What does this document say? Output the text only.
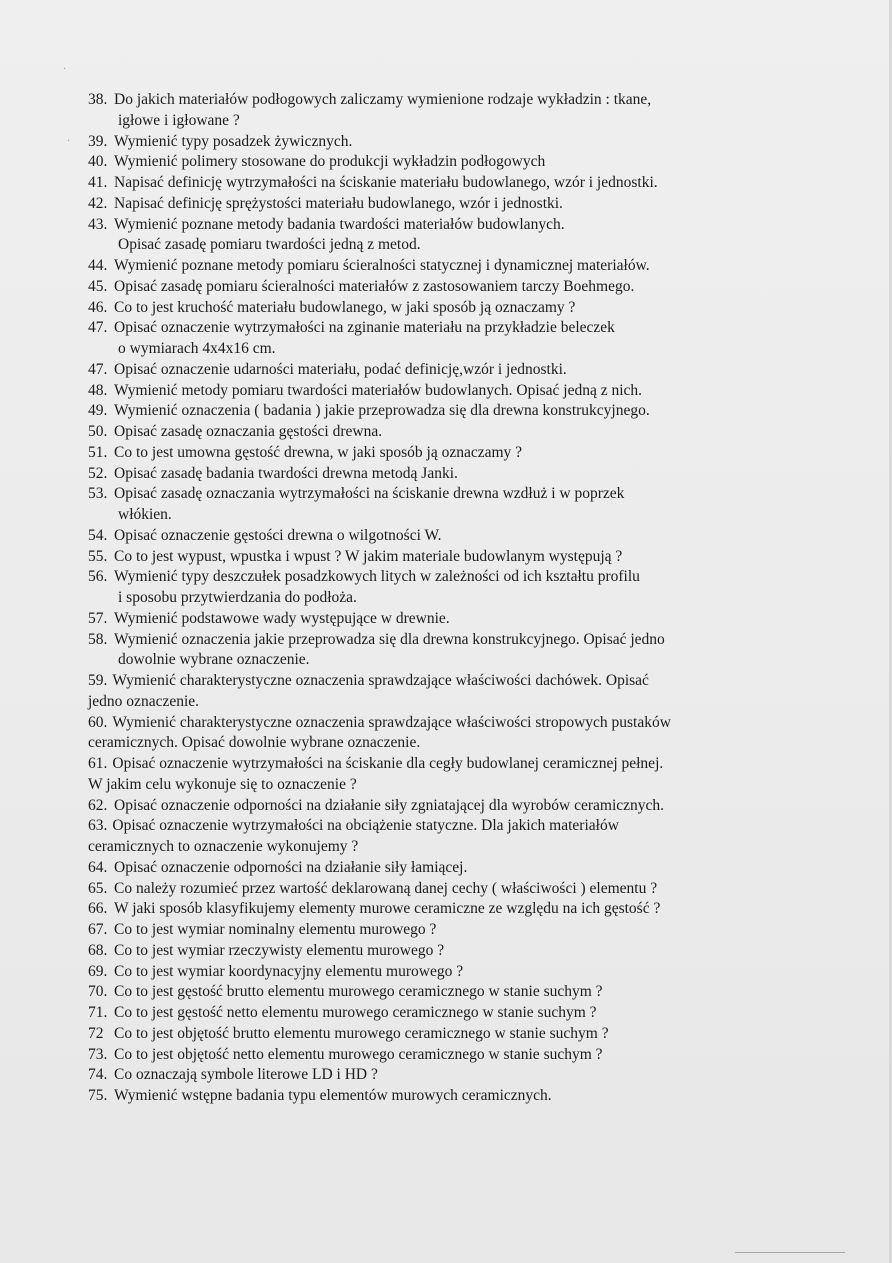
·
·
38. Do jakich materiałów podłogowych zaliczamy wymienione rodzaje wykładzin : tkane,
igłowe i igłowane ?
39. Wymienić typy posadzek żywicznych.
40. Wymienić polimery stosowane do produkcji wykładzin podłogowych
41. Napisać definicję wytrzymałości na ściskanie materiału budowlanego, wzór i jednostki.
42. Napisać definicję sprężystości materiału budowlanego, wzór i jednostki.
43. Wymienić poznane metody badania twardości materiałów budowlanych.
Opisać zasadę pomiaru twardości jedną z metod.
44. Wymienić poznane metody pomiaru ścieralności statycznej i dynamicznej materiałów.
45. Opisać zasadę pomiaru ścieralności materiałów z zastosowaniem tarczy Boehmego.
46. Co to jest kruchość materiału budowlanego, w jaki sposób ją oznaczamy ?
47. Opisać oznaczenie wytrzymałości na zginanie materiału na przykładzie beleczek
o wymiarach 4x4x16 cm.
47. Opisać oznaczenie udarności materiału, podać definicję,wzór i jednostki.
48. Wymienić metody pomiaru twardości materiałów budowlanych. Opisać jedną z nich.
49. Wymienić oznaczenia ( badania ) jakie przeprowadza się dla drewna konstrukcyjnego.
50. Opisać zasadę oznaczania gęstości drewna.
51. Co to jest umowna gęstość drewna, w jaki sposób ją oznaczamy ?
52. Opisać zasadę badania twardości drewna metodą Janki.
53. Opisać zasadę oznaczania wytrzymałości na ściskanie drewna wzdłuż i w poprzek
włókien.
54. Opisać oznaczenie gęstości drewna o wilgotności W.
55. Co to jest wypust, wpustka i wpust ? W jakim materiale budowlanym występują ?
56. Wymienić typy deszczułek posadzkowych litych w zależności od ich kształtu profilu
i sposobu przytwierdzania do podłoża.
57. Wymienić podstawowe wady występujące w drewnie.
58. Wymienić oznaczenia jakie przeprowadza się dla drewna konstrukcyjnego. Opisać jedno
dowolnie wybrane oznaczenie.
59. Wymienić charakterystyczne oznaczenia sprawdzające właściwości dachówek. Opisać
jedno oznaczenie.
60. Wymienić charakterystyczne oznaczenia sprawdzające właściwości stropowych pustaków
ceramicznych. Opisać dowolnie wybrane oznaczenie.
61. Opisać oznaczenie wytrzymałości na ściskanie dla cegły budowlanej ceramicznej pełnej.
W jakim celu wykonuje się to oznaczenie ?
62. Opisać oznaczenie odporności na działanie siły zgniatającej dla wyrobów ceramicznych.
63. Opisać oznaczenie wytrzymałości na obciążenie statyczne. Dla jakich materiałów
ceramicznych to oznaczenie wykonujemy ?
64. Opisać oznaczenie odporności na działanie siły łamiącej.
65. Co należy rozumieć przez wartość deklarowaną danej cechy ( właściwości ) elementu ?
66. W jaki sposób klasyfikujemy elementy murowe ceramiczne ze względu na ich gęstość ?
67. Co to jest wymiar nominalny elementu murowego ?
68. Co to jest wymiar rzeczywisty elementu murowego ?
69. Co to jest wymiar koordynacyjny elementu murowego ?
70. Co to jest gęstość brutto elementu murowego ceramicznego w stanie suchym ?
71. Co to jest gęstość netto elementu murowego ceramicznego w stanie suchym ?
72 Co to jest objętość brutto elementu murowego ceramicznego w stanie suchym ?
73. Co to jest objętość netto elementu murowego ceramicznego w stanie suchym ?
74. Co oznaczają symbole literowe LD i HD ?
75. Wymienić wstępne badania typu elementów murowych ceramicznych.
